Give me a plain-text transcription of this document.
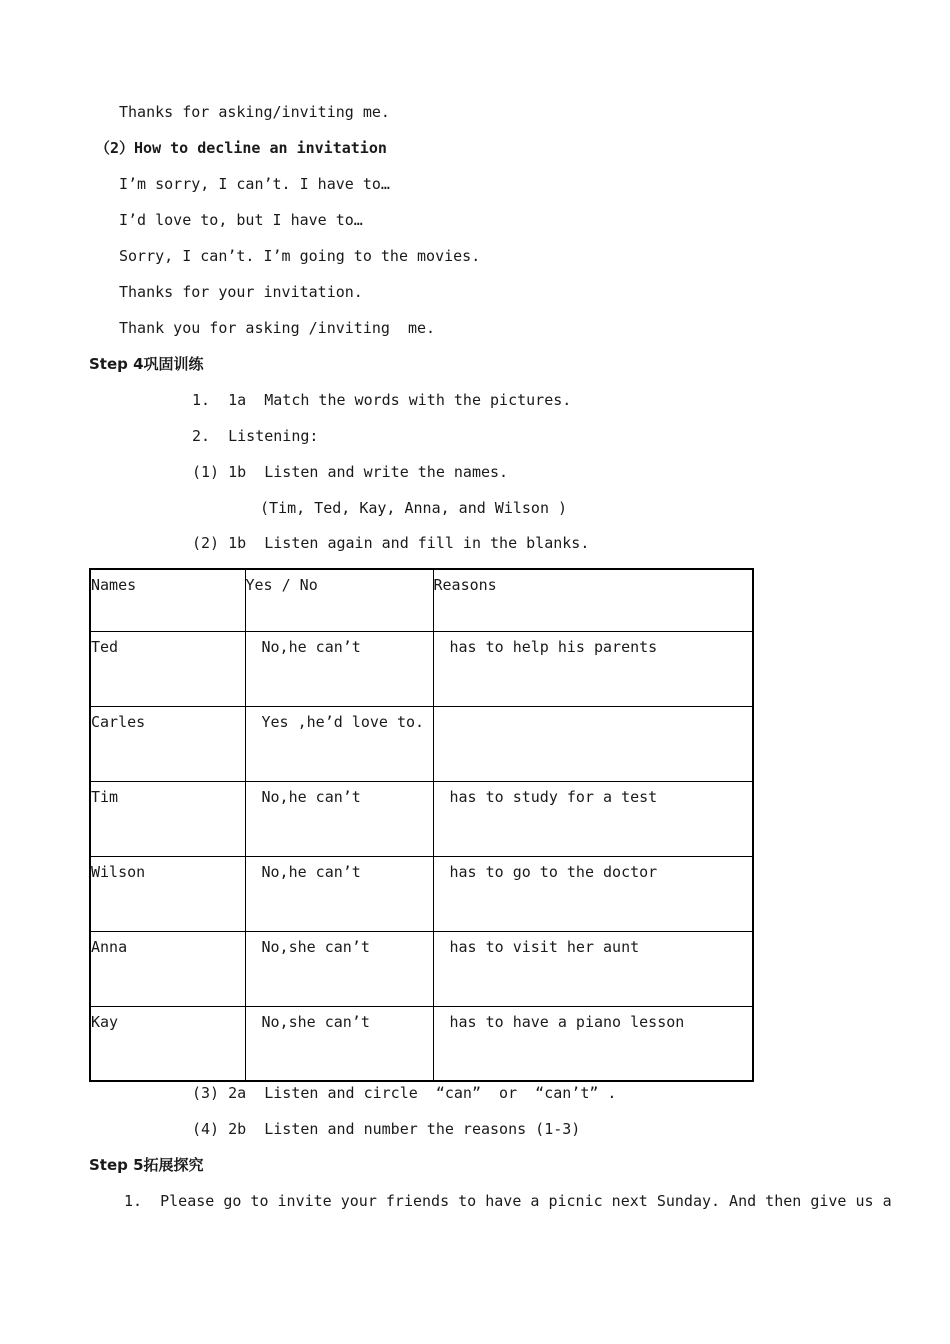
Thanks for asking/inviting me.
（2）How to decline an invitation
I’m sorry, I can’t. I have to…
I’d love to, but I have to…
Sorry, I can’t. I’m going to the movies.
Thanks for your invitation.
Thank you for asking /inviting  me.
Step 4巩固训练
1.  1a  Match the words with the pictures.
2.  Listening:
(1) 1b  Listen and write the names.
(Tim, Ted, Kay, Anna, and Wilson )
(2) 1b  Listen again and fill in the blanks.
Names	Yes / No	Reasons
Ted	No,he can’t	has to help his parents
Carles	Yes ,he’d love to.	
Tim	No,he can’t	has to study for a test
Wilson	No,he can’t	has to go to the doctor
Anna	No,she can’t	has to visit her aunt
Kay	No,she can’t	has to have a piano lesson
(3) 2a  Listen and circle  “can”  or  “can’t” .
(4) 2b  Listen and number the reasons (1-3)
Step 5拓展探究
1.  Please go to invite your friends to have a picnic next Sunday. And then give us a
